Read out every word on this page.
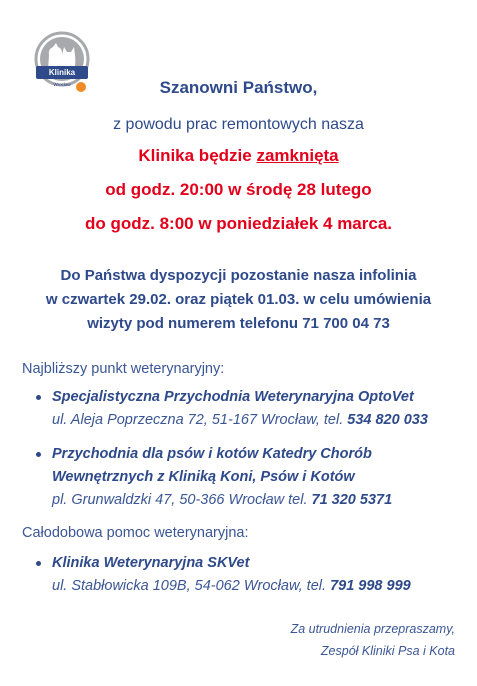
Klinika
Wrocław	Szanowni Państwo,
z powodu prac remontowych nasza
Klinika będzie zamknięta
od godz. 20:00 w środę 28 lutego
do godz. 8:00 w poniedziałek 4 marca.
Do Państwa dyspozycji pozostanie nasza infolinia
w czwartek 29.02. oraz piątek 01.03. w celu umówienia
wizyty pod numerem telefonu 71 700 04 73
Najbliższy punkt weterynaryjny:
Specjalistyczna Przychodnia Weterynaryjna OptoVet
ul. Aleja Poprzeczna 72, 51-167 Wrocław, tel. 534 820 033
Przychodnia dla psów i kotów Katedry Chorób
Wewnętrznych z Kliniką Koni, Psów i Kotów
pl. Grunwaldzki 47, 50-366 Wrocław tel. 71 320 5371
Całodobowa pomoc weterynaryjna:
Klinika Weterynaryjna SKVet
ul. Stabłowicka 109B, 54-062 Wrocław, tel. 791 998 999
Za utrudnienia przepraszamy,
Zespół Kliniki Psa i Kota
